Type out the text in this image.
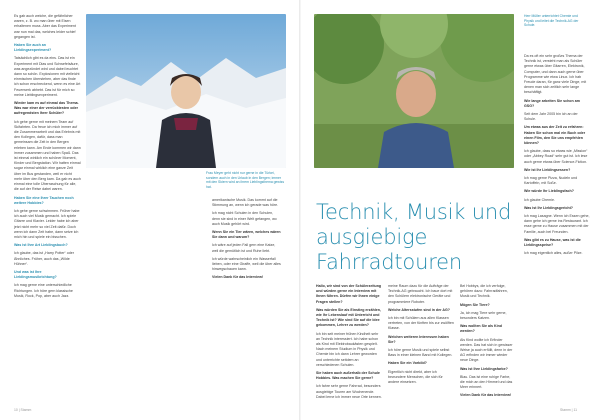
Es gab auch welche, die gefährlicher waren, z. B. wo man über mit Eisen erhaltenen muss. Aber das Experiment war nun mal das, welches leider schief gegangen ist.

Haben Sie auch an Lieblingsexperiment?

Tatsächlich gibt es da eins. Das ist ein Experiment mit Dias und Schwefelsäure, was angezündet wird und dabei leuchtet dann so schön. Explosionen mit vielleicht einmischen überstehen, aber das finde ich schon erschreckend, wenn es eine Art Feuerwerk abhebt. Das ist für mich so meine Lieblingsexperiment.

Wieder kam es auf einmal das Thema. Was war einer der verrücktesten oder aufregendsten Ihrer Schüler?

Ich gehe gerne mit meinem Team auf Skifahrten. Da freue ich mich immer auf die Zusammenarbeit und das Erlebnis mit den Kollegen, dafür, dass man gemeinsam die Zeit in den Bergen erleben kann. Am Ende kommen wir dann immer zusammen und haben Spaß. Das ist einmal wirklich ein schöner Moment, Kinder und Bergstation. Wir hatten einmal sogar einmal wirklich eine ganze Zeit über im Bus gestanden, weil er nicht mehr über den Berg kam. Da gab es auch einmal eine tolle Überraschung für alle, die auf der Reise dabei waren.

Haben Sie eine Ihrer Tauchen noch weitere Hobbies?

Ich gehe gerne schwimmen. Früher habe ich auch viel Musik gemacht. Ich spiele Gitarre und Klavier. Leider habe ich aber jetzt nicht mehr so viel Zeit dafür. Doch wenn ich dann Zeit habe, dann setze ich mich hin und spiele ein bisschen.

Was ist Ihre Art Lieblingsbuch?

Ich glaube, das ist „Harry Potter“ oder Ähnliches. Früher, auch das „Wilde Hühner“.

Und was ist Ihre Lieblingsmusikrichtung?

Ich mag gerne eine unterschiedliche Richtungen. Ich höre gern klassische Musik, Rock, Pop, aber auch Jazz.

Frau Meyer geht nicht nur gerne in die Türkei, sondern auch in den Urlaub in den Bergen; immer mit den Skiern wird an ihrem Lieblingsthema gewiss hat.

amerikanische Musik. Das kommt auf die Stimmung an, wenn ich gerade was höre.

Ich mag nicht Schulen in den Schulen, denn sie sind in einer Welt gefangen, wo auch Musik gehört wird.

Wenn Sie ein Tier wären, welches wären Sie dann und warum?

Ich wäre auf jeden Fall gern eine Katze, weil die gemütlich ist und Ruhe liebt.

Ich würde wahrscheinlich ein Wasserfall lieben, oder eine Giraffe, weil die über alles hinwegschauen kann.

Vielen Dank für das Interview!

10 | Stamm
Herr Müller unterrichtet Chemie und Physik und leitet die Technik-AG der Schule.

Da es oft ein sehr großes Thema der Technik ist, versteht man als Schüler gerne etwas über Gitarren, Elektronik, Computer, und dann auch gerne über Programme wie etwa Linux. Ich hab Freude daran, für ganz viele Dinge, mit denen man sich zeitlich sehr lange beschäftigt.

Wie lange arbeiten Sie schon am GSG?

Seit dem Jahr 2005 bin ich an der Schule.

Um etwas aus der Zeit zu erfahren: Haben Sie schon mal ein Buch oder einen Film, den Sie uns empfehlen können?

Ich glaube, dass so etwas wie „Mission“ oder „Abbey Road“ sehr gut ist. Ich lese auch gerne etwas über Science-Fiction.

Wie ist Ihr Lieblingsessen?

Ich mag gerne Pizza, Nudeln und Kartoffeln, mit Soße.

Wie würde Ihr Lieblingsfach?

Ich glaube Chemie.

Was ist Ihr Lieblingsgericht?

Ich mag Lasagne. Wenn ich Essen gehe, dann gehe ich gerne ins Restaurant. Ich esse gerne zu Hause zusammen mit der Familie, auch bei Freunden.

Was gibt es zu Hause, was ist die Lieblingsspeise?

Ich mag eigentlich alles, außer Pilze.

Technik, Musik und
ausgiebige
Fahrradtouren

Hallo, wir sind von der Schülerzeitung und würden gerne ein Interview mit Ihnen führen. Dürfen wir Ihnen einige Fragen stellen?

Was würden Sie als Einstieg erzählen, wie Ihr Lebenslauf mit Unterricht und Technik ist? Wie sind Sie auf die Idee gekommen, Lehrer zu werden?

Ich bin seit meiner frühen Kindheit sehr an Technik interessiert. Ich habe schon als Kind mit Elektrobaukästen gespielt. Nach meinem Studium in Physik und Chemie bin ich dann Lehrer geworden und unterrichte seitdem an verschiedenen Schulen.

Sie haben auch außerhalb der Schule Hobbies. Was machen Sie gerne?

Ich fahre sehr gerne Fahrrad, besonders ausgiebige Touren am Wochenende. Dabei lerne ich immer neue Orte kennen.

meine Raum dazu für die Aufträge der Technik-AG gebraucht. Ich baue dort mit den Schülern elektronische Geräte und programmiere Roboter.

Welche Altersstufen sind in der AG?

Ich bin mit Schülern aus allen Klassen vertreten, von der fünften bis zur zwölften Klasse.

Welchen weiteren Interessen haben Sie?

Ich höre gerne Musik und spiele selbst Bass in einer kleinen Band mit Kollegen.

Haben Sie ein Vorbild?

Eigentlich nicht direkt, aber ich bewundere Menschen, die sich für andere einsetzen.

Bei Hobbys, die ich verfolge, gehören dazu: Fahrradfahren, Musik und Technik.

Mögen Sie Tiere?

Ja, ich mag Tiere sehr gerne, besonders Katzen.

Was wollten Sie als Kind werden?

Als Kind wollte ich Erfinder werden. Das hat sich in gewisser Weise ja auch erfüllt, denn in der AG erfinden wir immer wieder neue Dinge.

Was ist Ihre Lieblingsfarbe?

Blau. Das ist eine ruhige Farbe, die mich an den Himmel und das Meer erinnert.

Vielen Dank für das Interview!

Stamm | 11
